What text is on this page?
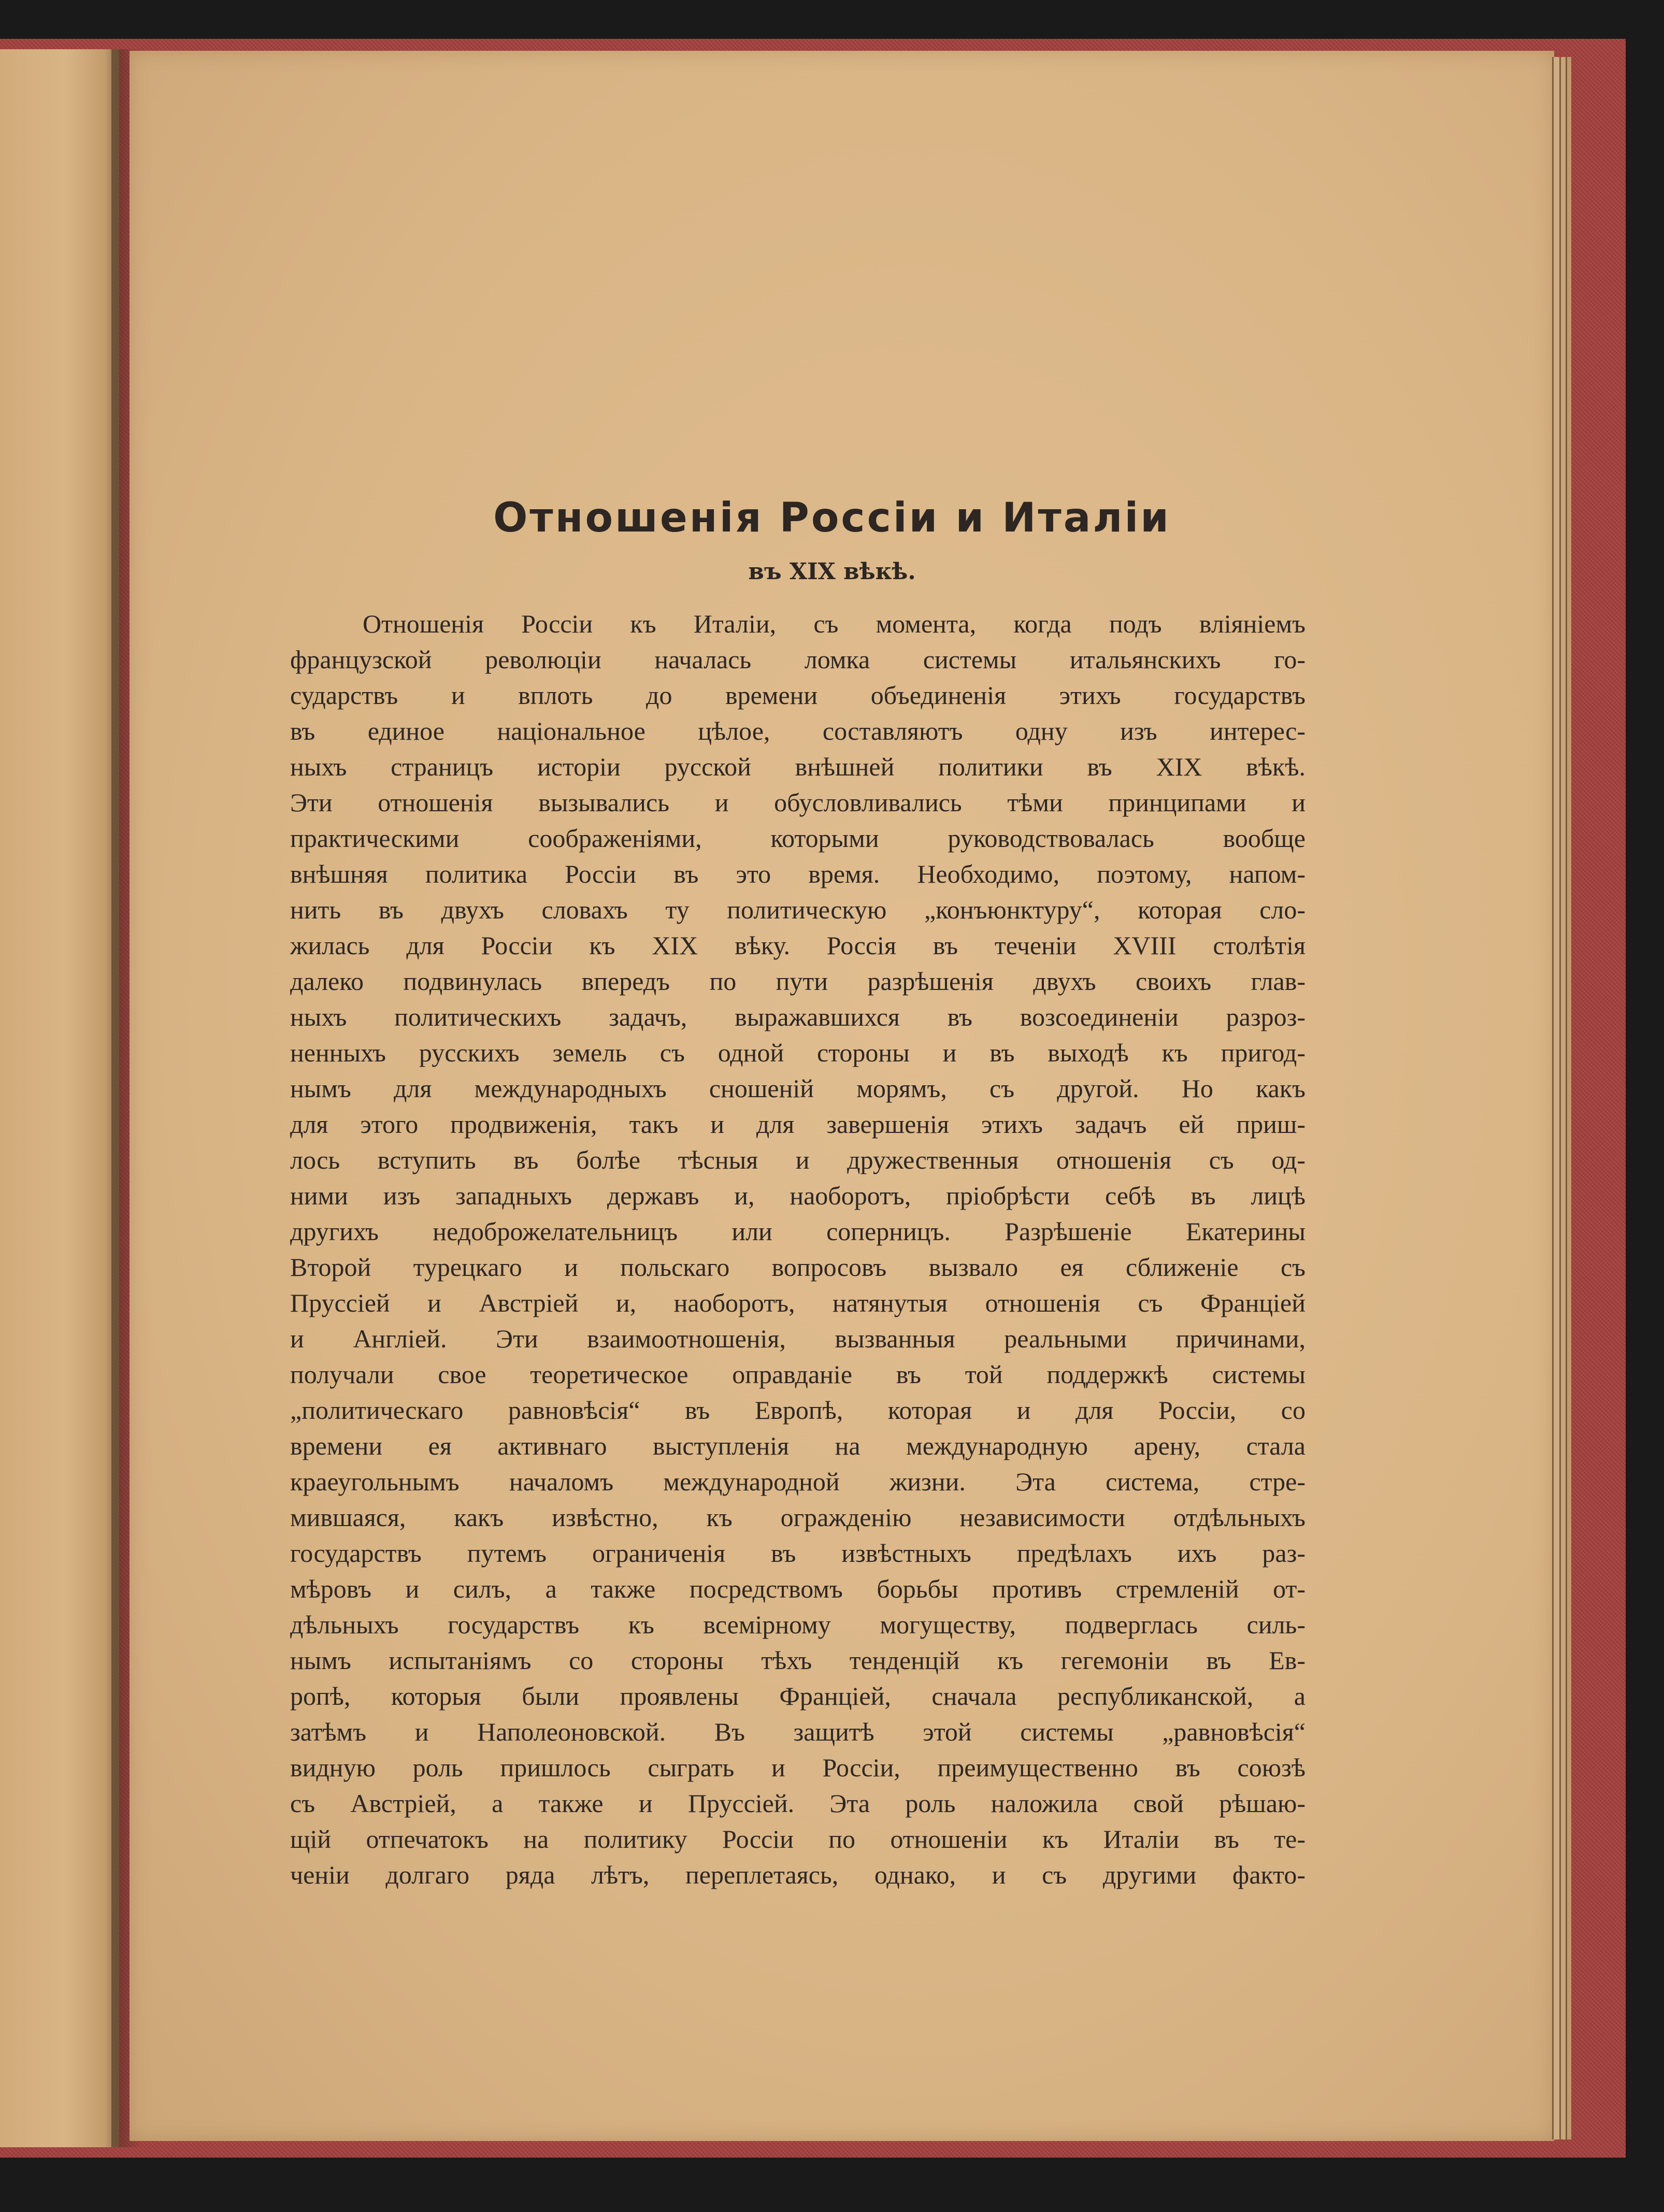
Отношенія Россіи и Италіи
въ XIX вѣкѣ.
Отношенія Россіи къ Италіи, съ момента, когда подъ вліяніемъ
французской революціи началась ломка системы итальянскихъ го-
сударствъ и вплоть до времени объединенія этихъ государствъ
въ единое національное цѣлое, составляютъ одну изъ интерес-
ныхъ страницъ исторіи русской внѣшней политики въ XIX вѣкѣ.
Эти отношенія вызывались и обусловливались тѣми принципами и
практическими соображеніями, которыми руководствовалась вообще
внѣшняя политика Россіи въ это время. Необходимо, поэтому, напом-
нить въ двухъ словахъ ту политическую „конъюнктуру“, которая сло-
жилась для Россіи къ XIX вѣку. Россія въ теченіи XVIII столѣтія
далеко подвинулась впередъ по пути разрѣшенія двухъ своихъ глав-
ныхъ политическихъ задачъ, выражавшихся въ возсоединеніи разроз-
ненныхъ русскихъ земель съ одной стороны и въ выходѣ къ пригод-
нымъ для международныхъ сношеній морямъ, съ другой. Но какъ
для этого продвиженія, такъ и для завершенія этихъ задачъ ей приш-
лось вступить въ болѣе тѣсныя и дружественныя отношенія съ од-
ними изъ западныхъ державъ и, наоборотъ, пріобрѣсти себѣ въ лицѣ
другихъ недоброжелательницъ или соперницъ. Разрѣшеніе Екатерины
Второй турецкаго и польскаго вопросовъ вызвало ея сближеніе съ
Пруссіей и Австріей и, наоборотъ, натянутыя отношенія съ Франціей
и Англіей. Эти взаимоотношенія, вызванныя реальными причинами,
получали свое теоретическое оправданіе въ той поддержкѣ системы
„политическаго равновѣсія“ въ Европѣ, которая и для Россіи, со
времени ея активнаго выступленія на международную арену, стала
краеугольнымъ началомъ международной жизни. Эта система, стре-
мившаяся, какъ извѣстно, къ огражденію независимости отдѣльныхъ
государствъ путемъ ограниченія въ извѣстныхъ предѣлахъ ихъ раз-
мѣровъ и силъ, а также посредствомъ борьбы противъ стремленій от-
дѣльныхъ государствъ къ всемірному могуществу, подверглась силь-
нымъ испытаніямъ со стороны тѣхъ тенденцій къ гегемоніи въ Ев-
ропѣ, которыя были проявлены Франціей, сначала республиканской, а
затѣмъ и Наполеоновской. Въ защитѣ этой системы „равновѣсія“
видную роль пришлось сыграть и Россіи, преимущественно въ союзѣ
съ Австріей, а также и Пруссіей. Эта роль наложила свой рѣшаю-
щій отпечатокъ на политику Россіи по отношеніи къ Италіи въ те-
ченіи долгаго ряда лѣтъ, переплетаясь, однако, и съ другими факто-
